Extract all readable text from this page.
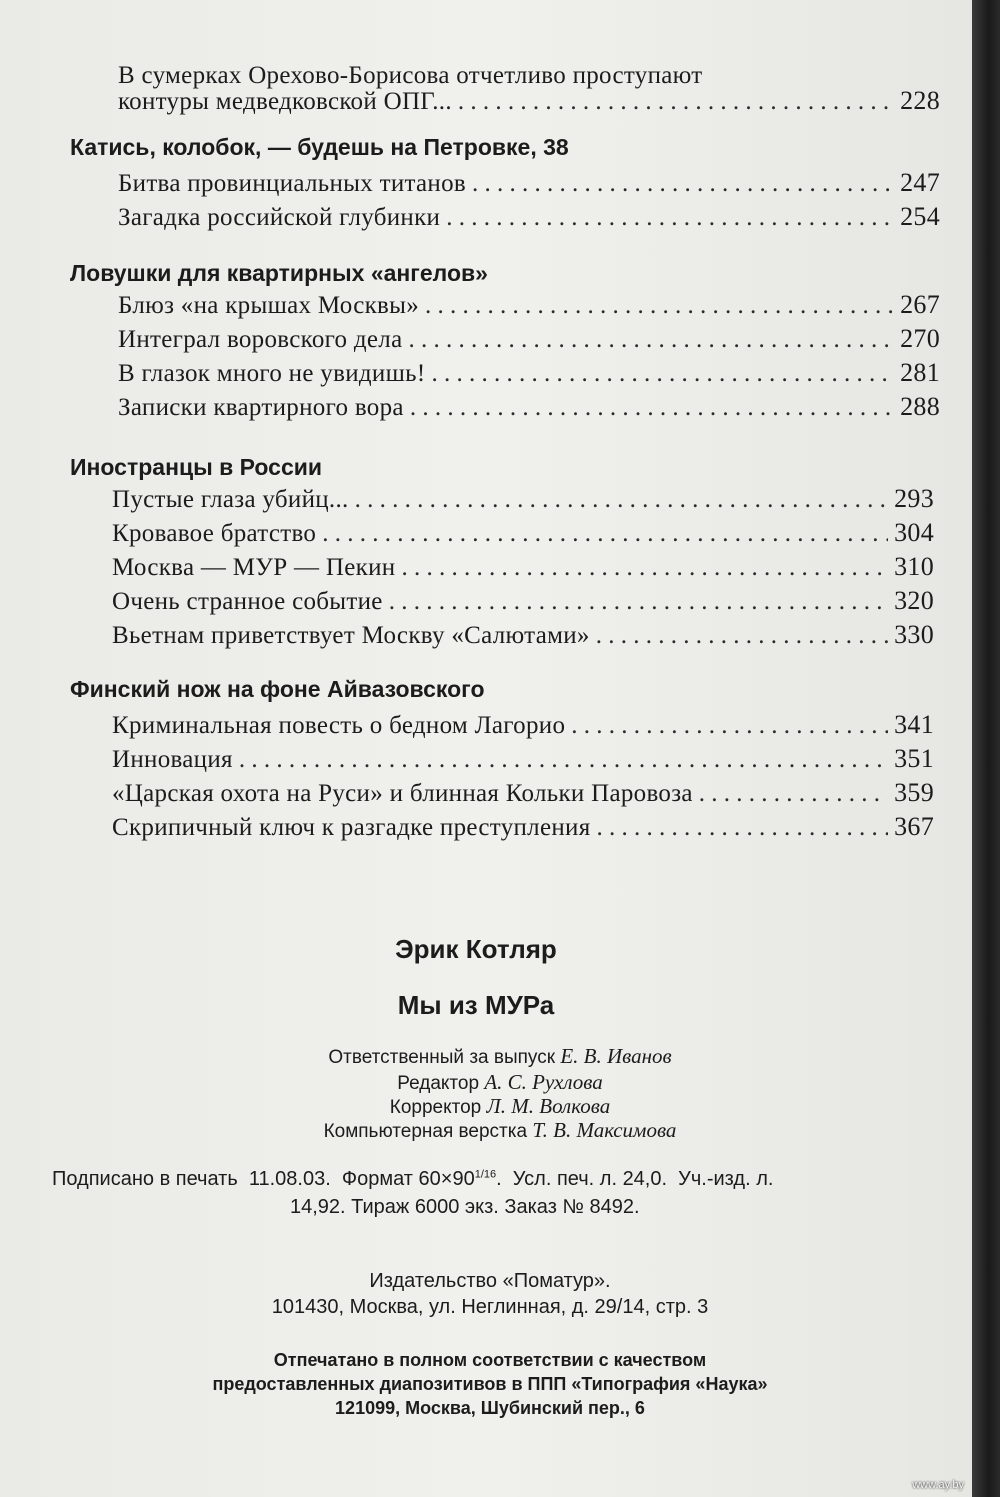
В сумерках Орехово-Борисова отчетливо проступают
контуры медведковской ОПГ... . . .	228
Катись, колобок, — будешь на Петровке, 38
Битва провинциальных титанов . . .	247
Загадка российской глубинки . . .	254
Ловушки для квартирных «ангелов»
Блюз «на крышах Москвы» . . .	267
Интеграл воровского дела . . .	270
В глазок много не увидишь! . . .	281
Записки квартирного вора . . .	288
Иностранцы в России
Пустые глаза убийц... . . .	293
Кровавое братство . . .	304
Москва — МУР — Пекин . . .	310
Очень странное событие . . .	320
Вьетнам приветствует Москву «Салютами» . . .	330
Финский нож на фоне Айвазовского
Криминальная повесть о бедном Лагорио . . .	341
Инновация . . .	351
«Царская охота на Руси» и блинная Кольки Паровоза . . .	359
Скрипичный ключ к разгадке преступления . . .	367
Эрик Котляр
Мы из МУРа
Ответственный за выпуск Е. В. Иванов
Редактор А. С. Рухлова
Корректор Л. М. Волкова
Компьютерная верстка Т. В. Максимова
Подписано в печать 11.08.03. Формат $60\times 90^{1/16}$.  Усл. печ. л. 24,0. Уч.-изд. л.
14,92. Тираж 6000 экз. Заказ № 8492.
Издательство «Поматур».
101430, Москва, ул. Неглинная, д. 29/14, стр. 3
Отпечатано в полном соответствии с качеством
предоставленных диапозитивов в ППП «Типография «Наука»
121099, Москва, Шубинский пер., 6
www.ay.by
